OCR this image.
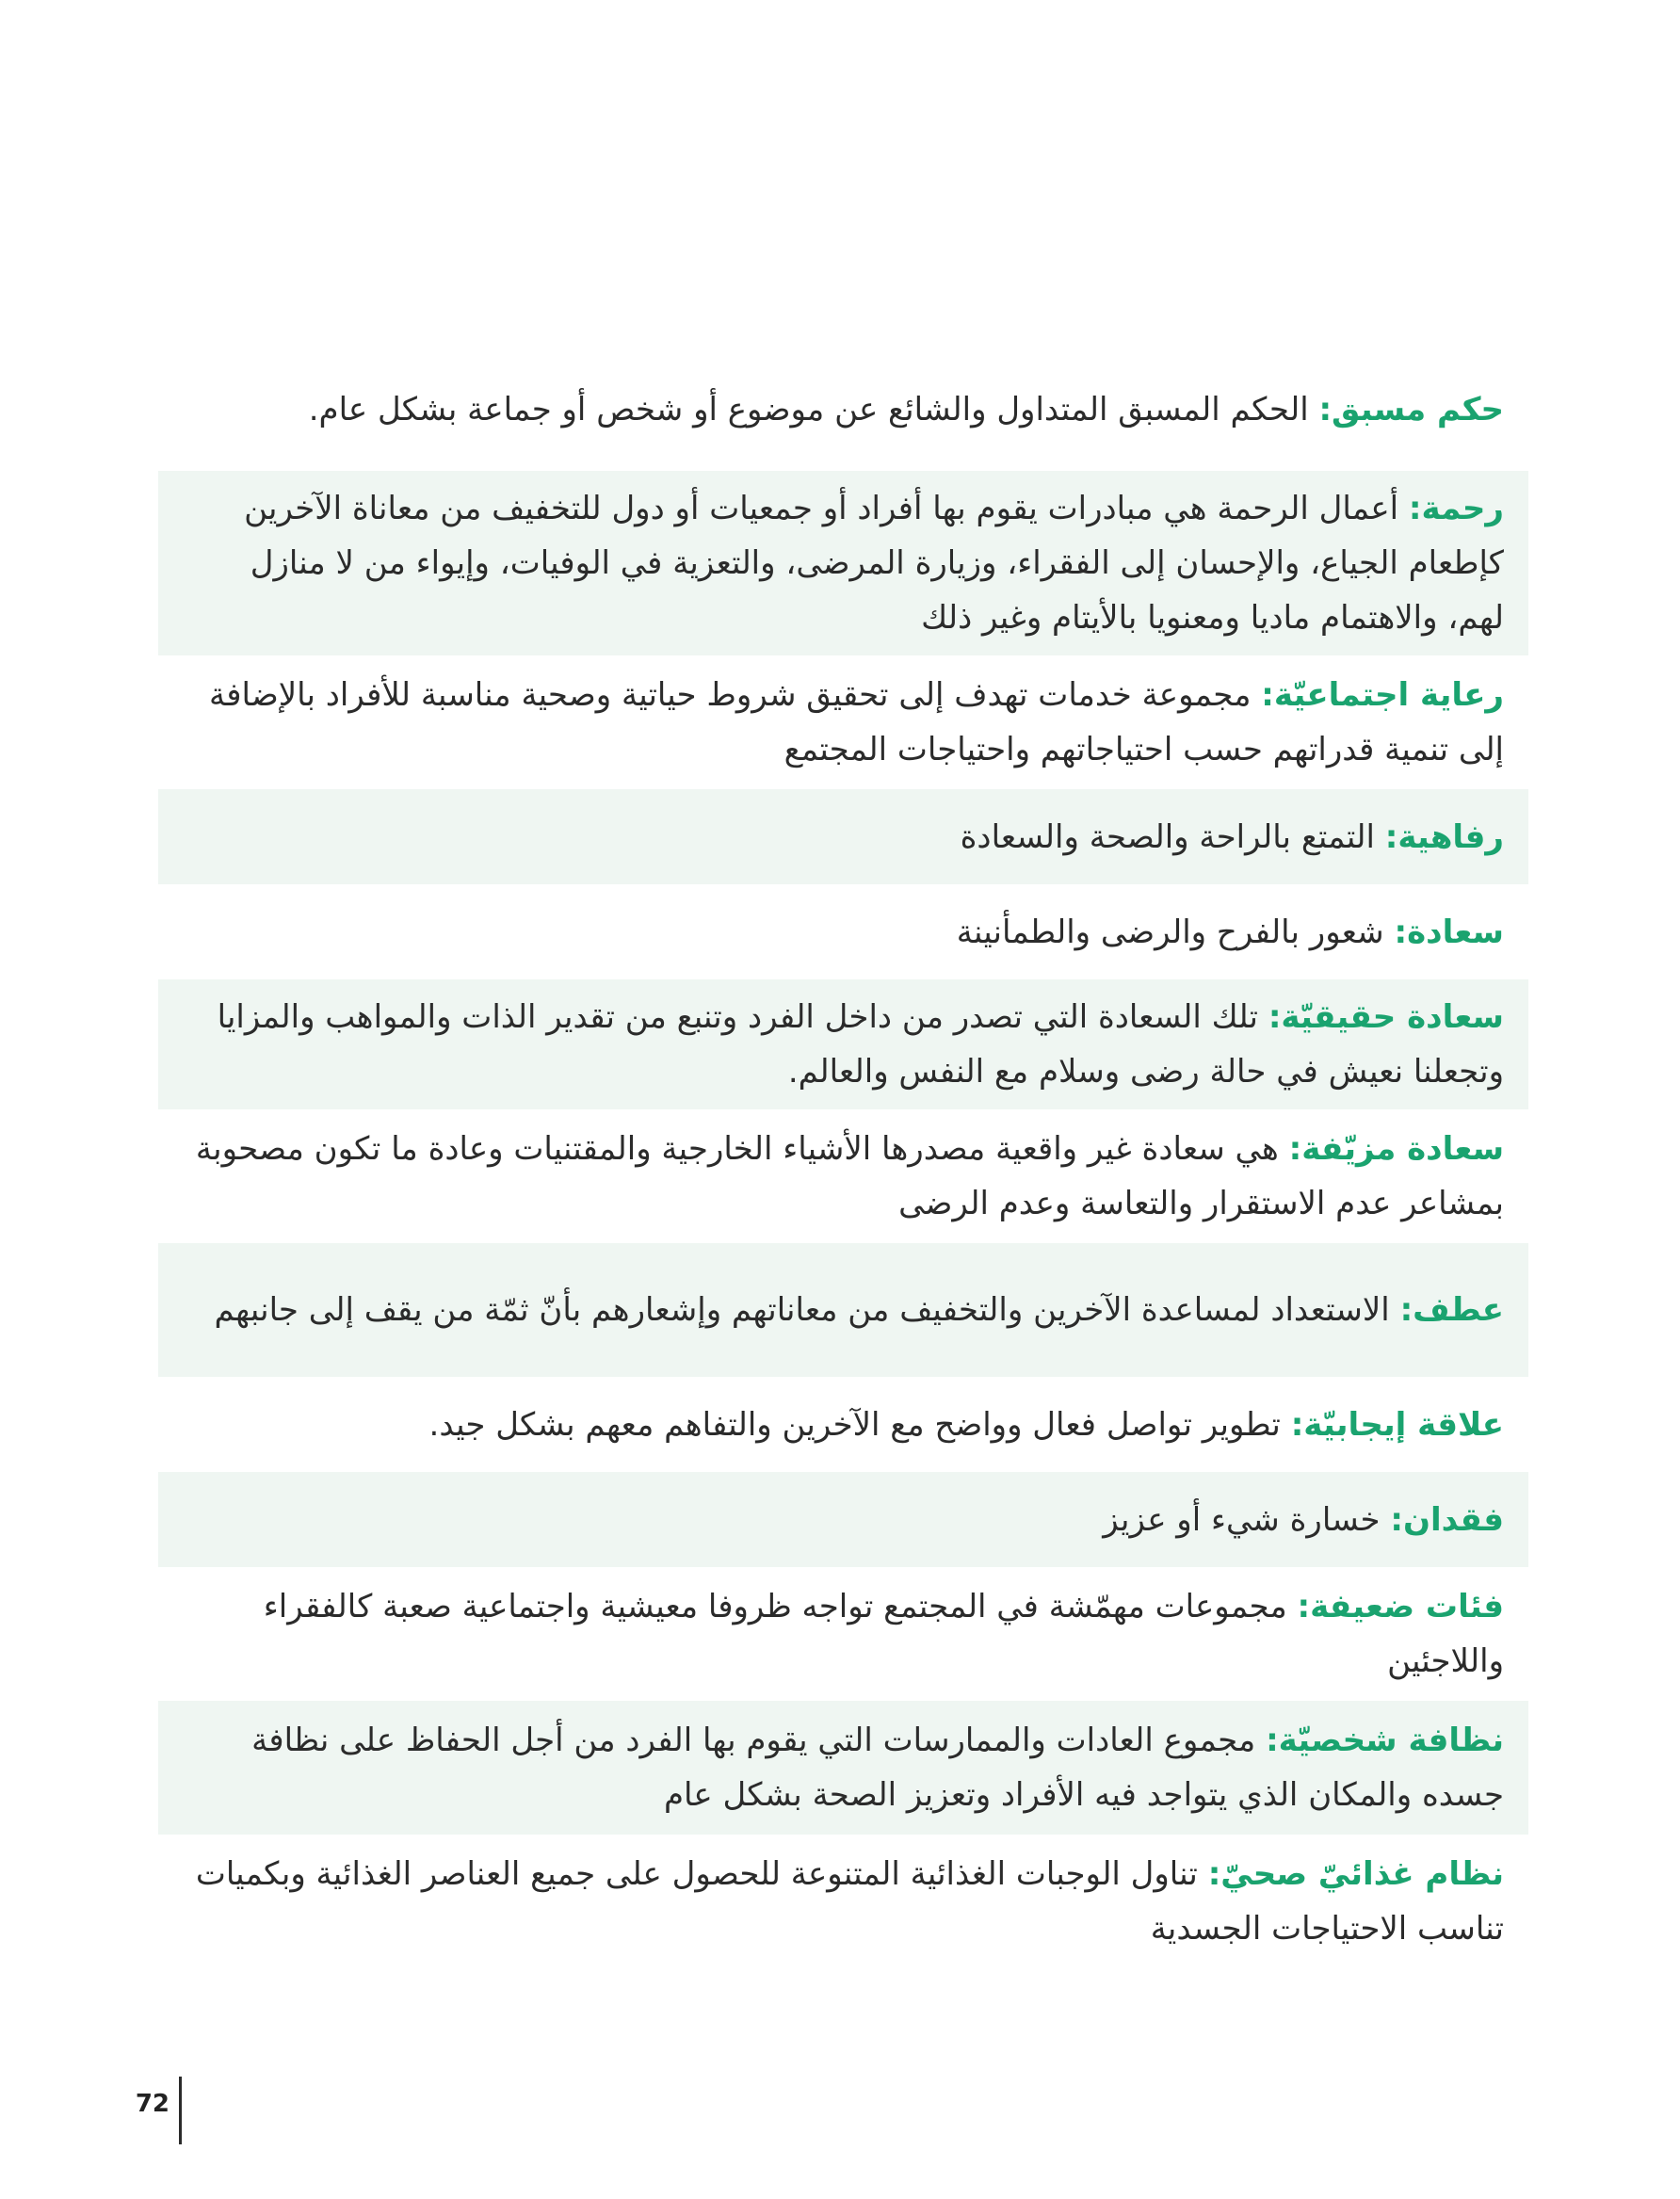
حكم مسبق: الحكم المسبق المتداول والشائع عن موضوع أو شخص أو جماعة بشكل عام.

رحمة: أعمال الرحمة هي مبادرات يقوم بها أفراد أو جمعيات أو دول للتخفيف من معاناة الآخرين كإطعام الجياع، والإحسان إلى الفقراء، وزيارة المرضى، والتعزية في الوفيات، وإيواء من لا منازل لهم، والاهتمام ماديا ومعنويا بالأيتام وغير ذلك

رعاية اجتماعيّة: مجموعة خدمات تهدف إلى تحقيق شروط حياتية وصحية مناسبة للأفراد بالإضافة إلى تنمية قدراتهم حسب احتياجاتهم واحتياجات المجتمع

رفاهية: التمتع بالراحة والصحة والسعادة

سعادة: شعور بالفرح والرضى والطمأنينة

سعادة حقيقيّة: تلك السعادة التي تصدر من داخل الفرد وتنبع من تقدير الذات والمواهب والمزايا وتجعلنا نعيش في حالة رضى وسلام مع النفس والعالم.

سعادة مزيّفة: هي سعادة غير واقعية مصدرها الأشياء الخارجية والمقتنيات وعادة ما تكون مصحوبة بمشاعر عدم الاستقرار والتعاسة وعدم الرضى

عطف: الاستعداد لمساعدة الآخرين والتخفيف من معاناتهم وإشعارهم بأنّ ثمّة من يقف إلى جانبهم

علاقة إيجابيّة: تطوير تواصل فعال وواضح مع الآخرين والتفاهم معهم بشكل جيد.

فقدان: خسارة شيء أو عزيز

فئات ضعيفة: مجموعات مهمّشة في المجتمع تواجه ظروفا معيشية واجتماعية صعبة كالفقراء واللاجئين

نظافة شخصيّة: مجموع العادات والممارسات التي يقوم بها الفرد من أجل الحفاظ على نظافة جسده والمكان الذي يتواجد فيه الأفراد وتعزيز الصحة بشكل عام

نظام غذائيّ صحيّ: تناول الوجبات الغذائية المتنوعة للحصول على جميع العناصر الغذائية وبكميات تناسب الاحتياجات الجسدية

72
